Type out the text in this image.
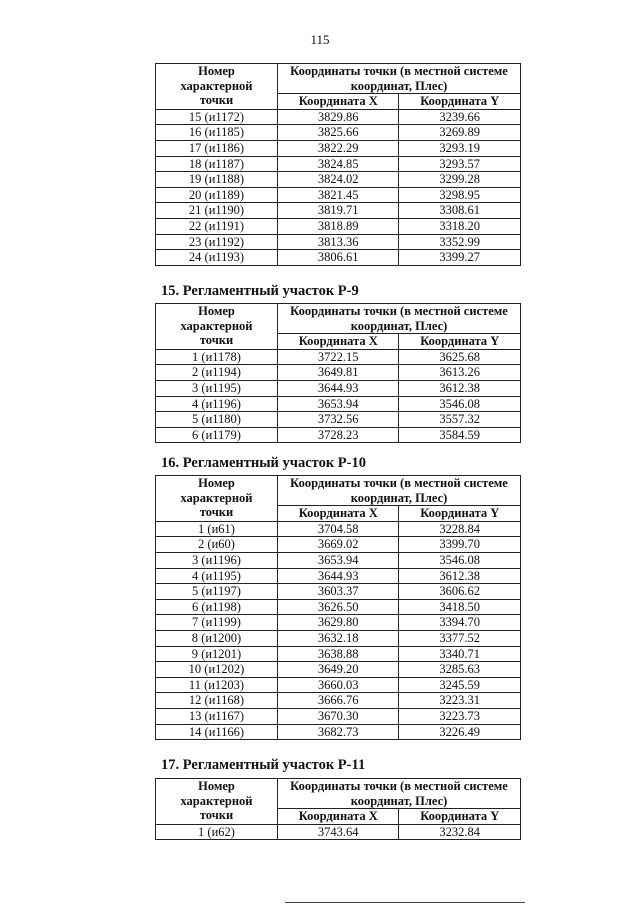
115
Номер
характерной
точки	Координаты точки (в местной системе
координат, Плес)	
	Координата X	Координата Y
15 (и1172)	3829.86	3239.66
16 (и1185)	3825.66	3269.89
17 (и1186)	3822.29	3293.19
18 (и1187)	3824.85	3293.57
19 (и1188)	3824.02	3299.28
20 (и1189)	3821.45	3298.95
21 (и1190)	3819.71	3308.61
22 (и1191)	3818.89	3318.20
23 (и1192)	3813.36	3352.99
24 (и1193)	3806.61	3399.27
15. Регламентный участок Р-9
Номер
характерной
точки	Координаты точки (в местной системе
координат, Плес)	
	Координата X	Координата Y
1 (и1178)	3722.15	3625.68
2 (и1194)	3649.81	3613.26
3 (и1195)	3644.93	3612.38
4 (и1196)	3653.94	3546.08
5 (и1180)	3732.56	3557.32
6 (и1179)	3728.23	3584.59
16. Регламентный участок Р-10
Номер
характерной
точки	Координаты точки (в местной системе
координат, Плес)	
	Координата X	Координата Y
1 (и61)	3704.58	3228.84
2 (и60)	3669.02	3399.70
3 (и1196)	3653.94	3546.08
4 (и1195)	3644.93	3612.38
5 (и1197)	3603.37	3606.62
6 (и1198)	3626.50	3418.50
7 (и1199)	3629.80	3394.70
8 (и1200)	3632.18	3377.52
9 (и1201)	3638.88	3340.71
10 (и1202)	3649.20	3285.63
11 (и1203)	3660.03	3245.59
12 (и1168)	3666.76	3223.31
13 (и1167)	3670.30	3223.73
14 (и1166)	3682.73	3226.49
17. Регламентный участок Р-11
Номер
характерной
точки	Координаты точки (в местной системе
координат, Плес)	
	Координата X	Координата Y
1 (и62)	3743.64	3232.84
